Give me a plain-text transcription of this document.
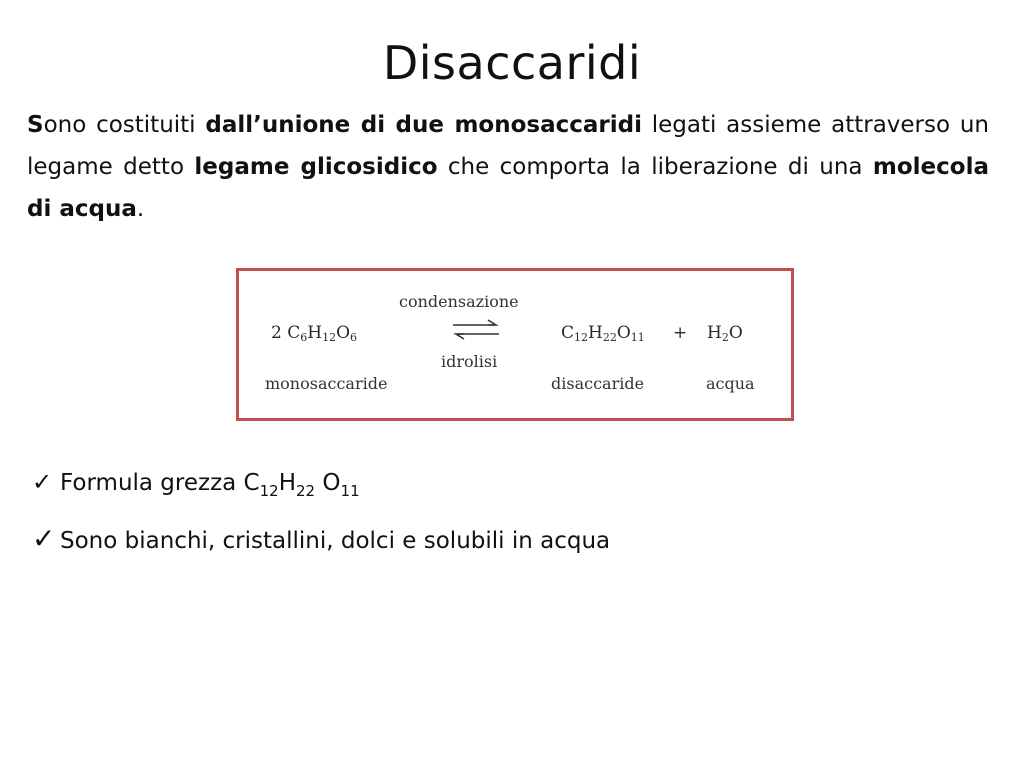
Disaccaridi

Sono costituiti dall’unione di due monosaccaridi legati assieme attraverso un legame detto legame glicosidico che comporta la liberazione di una molecola di acqua.

2 $C_6H_{12}O_6$
condensazione
idrolisi
$C_{12}H_{22}O_{11} + H_2O$
monosaccaride	disaccaride	acqua
✓ Formula grezza $C_{12}H_{22}$ $O_{11}$
✓ Sono bianchi, cristallini, dolci e solubili in acqua
